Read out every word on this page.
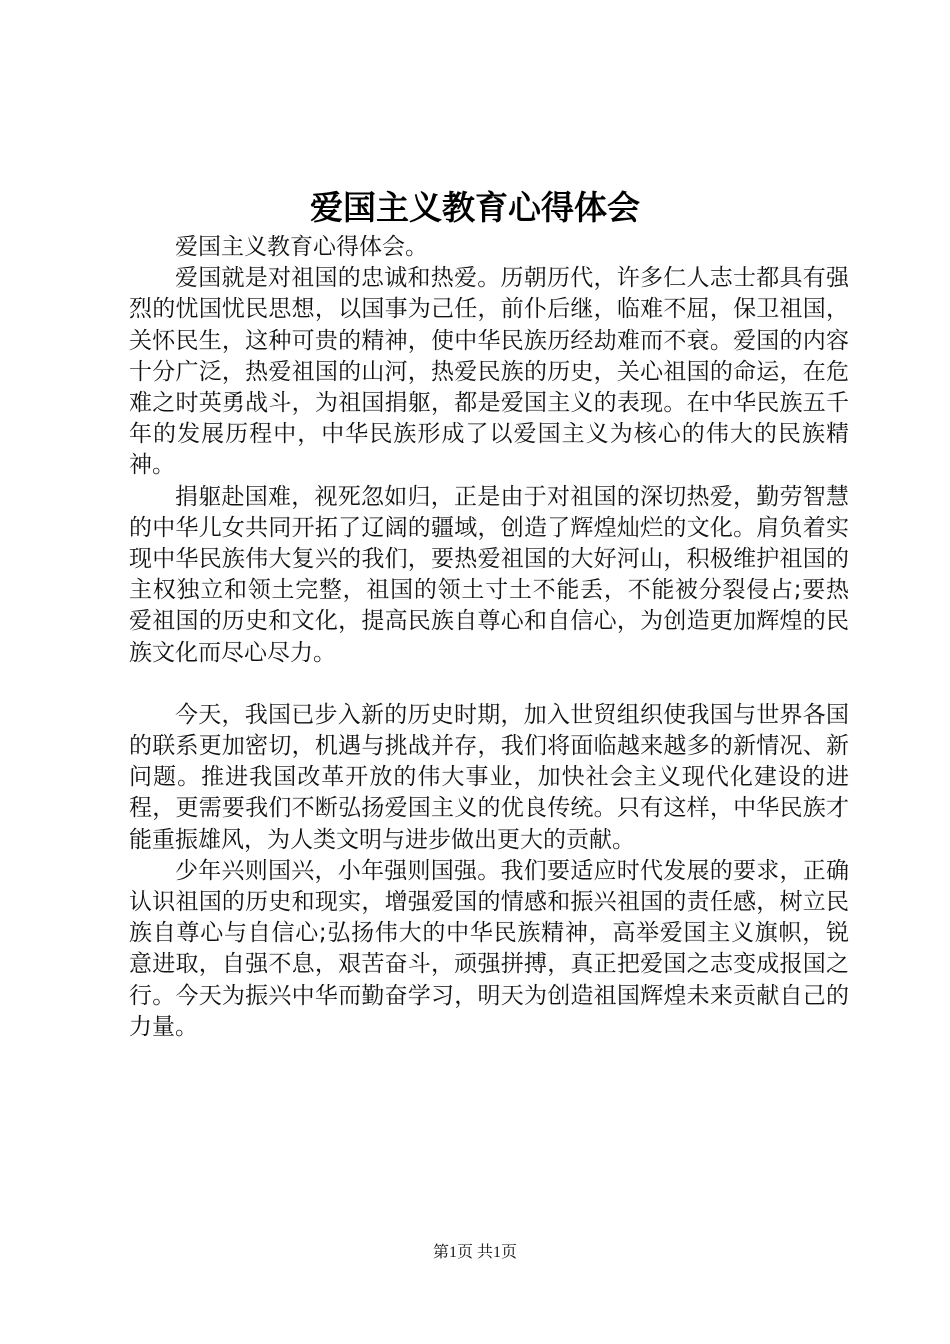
爱国主义教育心得体会

爱国主义教育心得体会。

爱国就是对祖国的忠诚和热爱。历朝历代，许多仁人志士都具有强烈的忧国忧民思想，以国事为己任，前仆后继，临难不屈，保卫祖国，关怀民生，这种可贵的精神，使中华民族历经劫难而不衰。爱国的内容十分广泛，热爱祖国的山河，热爱民族的历史，关心祖国的命运，在危难之时英勇战斗，为祖国捐躯，都是爱国主义的表现。在中华民族五千年的发展历程中，中华民族形成了以爱国主义为核心的伟大的民族精神。

捐躯赴国难，视死忽如归，正是由于对祖国的深切热爱，勤劳智慧的中华儿女共同开拓了辽阔的疆域，创造了辉煌灿烂的文化。肩负着实现中华民族伟大复兴的我们，要热爱祖国的大好河山，积极维护祖国的主权独立和领土完整，祖国的领土寸土不能丢，不能被分裂侵占;要热爱祖国的历史和文化，提高民族自尊心和自信心，为创造更加辉煌的民族文化而尽心尽力。

今天，我国已步入新的历史时期，加入世贸组织使我国与世界各国的联系更加密切，机遇与挑战并存，我们将面临越来越多的新情况、新问题。推进我国改革开放的伟大事业，加快社会主义现代化建设的进程，更需要我们不断弘扬爱国主义的优良传统。只有这样，中华民族才能重振雄风，为人类文明与进步做出更大的贡献。

少年兴则国兴，小年强则国强。我们要适应时代发展的要求，正确认识祖国的历史和现实，增强爱国的情感和振兴祖国的责任感，树立民族自尊心与自信心;弘扬伟大的中华民族精神，高举爱国主义旗帜，锐意进取，自强不息，艰苦奋斗，顽强拼搏，真正把爱国之志变成报国之行。今天为振兴中华而勤奋学习，明天为创造祖国辉煌未来贡献自己的力量。

第1页 共1页
